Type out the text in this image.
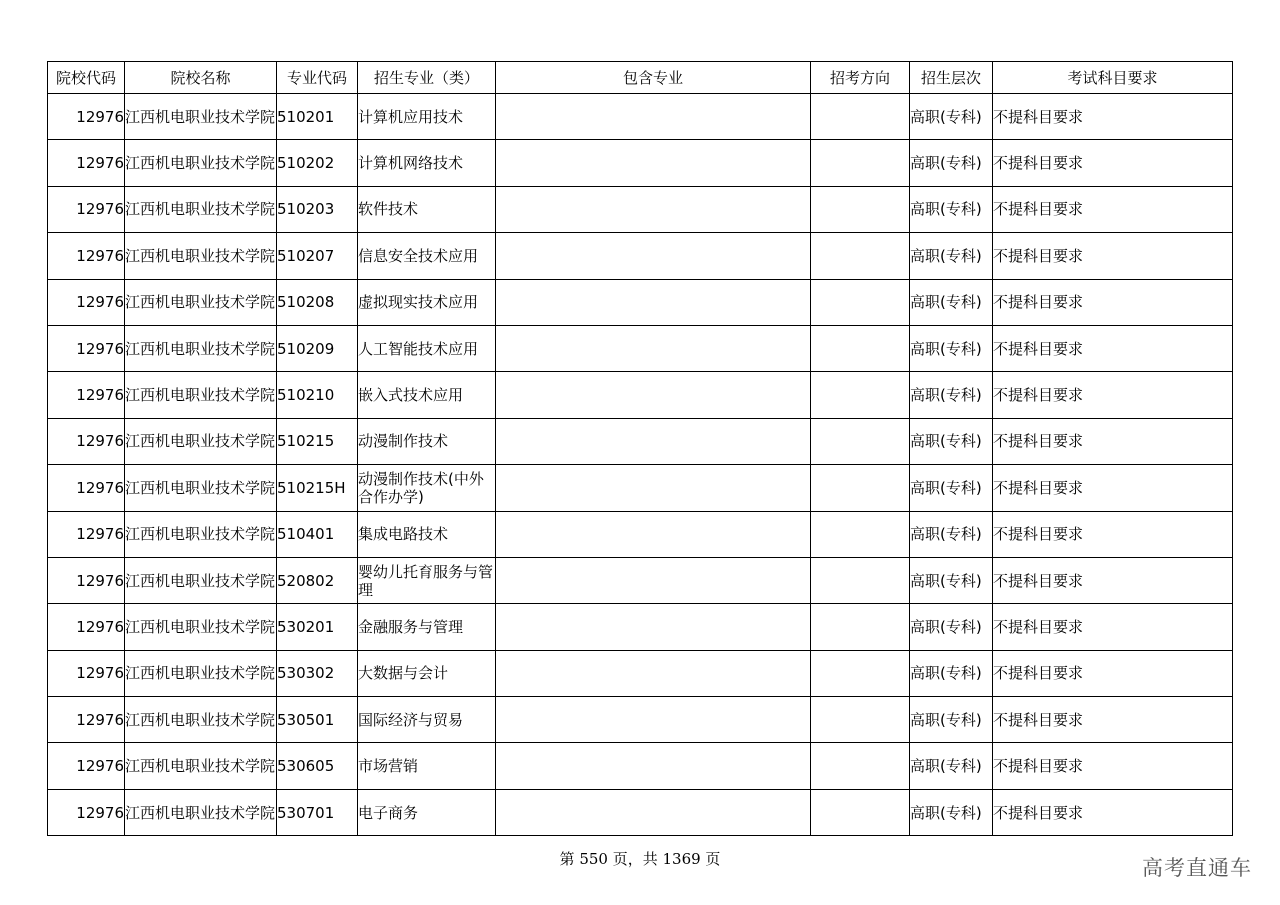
院校代码	院校名称	专业代码	招生专业（类）	包含专业	招考方向	招生层次	考试科目要求
12976	江西机电职业技术学院	510201	计算机应用技术			高职(专科)	不提科目要求
12976	江西机电职业技术学院	510202	计算机网络技术			高职(专科)	不提科目要求
12976	江西机电职业技术学院	510203	软件技术			高职(专科)	不提科目要求
12976	江西机电职业技术学院	510207	信息安全技术应用			高职(专科)	不提科目要求
12976	江西机电职业技术学院	510208	虚拟现实技术应用			高职(专科)	不提科目要求
12976	江西机电职业技术学院	510209	人工智能技术应用			高职(专科)	不提科目要求
12976	江西机电职业技术学院	510210	嵌入式技术应用			高职(专科)	不提科目要求
12976	江西机电职业技术学院	510215	动漫制作技术			高职(专科)	不提科目要求
12976	江西机电职业技术学院	510215H	动漫制作技术(中外合作办学)			高职(专科)	不提科目要求
12976	江西机电职业技术学院	510401	集成电路技术			高职(专科)	不提科目要求
12976	江西机电职业技术学院	520802	婴幼儿托育服务与管理			高职(专科)	不提科目要求
12976	江西机电职业技术学院	530201	金融服务与管理			高职(专科)	不提科目要求
12976	江西机电职业技术学院	530302	大数据与会计			高职(专科)	不提科目要求
12976	江西机电职业技术学院	530501	国际经济与贸易			高职(专科)	不提科目要求
12976	江西机电职业技术学院	530605	市场营销			高职(专科)	不提科目要求
12976	江西机电职业技术学院	530701	电子商务			高职(专科)	不提科目要求
第 550 页，共 1369 页	高考直通车
